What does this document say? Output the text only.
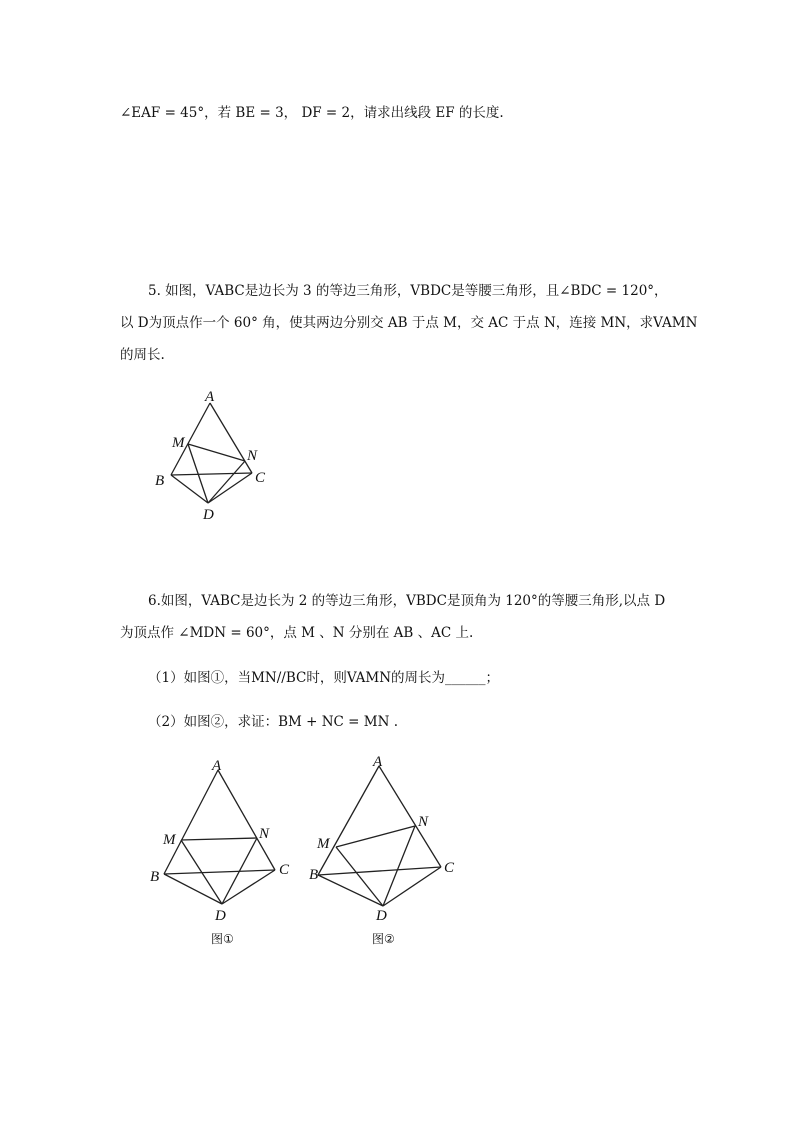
∠EAF = 45°，若 BE = 3， DF = 2，请求出线段 EF 的长度.
5. 如图，VABC是边长为 3 的等边三角形，VBDC是等腰三角形，且∠BDC = 120°，
以 D为顶点作一个 60° 角，使其两边分别交 AB 于点 M，交 AC 于点 N，连接 MN，求VAMN
的周长.
A
M
N
B	C
D
6.如图，VABC是边长为 2 的等边三角形，VBDC是顶角为 120°的等腰三角形,以点 D
为顶点作 ∠MDN = 60°，点 M 、N 分别在 AB 、AC 上.
（1）如图①，当MN//BC时，则VAMN的周长为______；
（2）如图②，求证：BM + NC = MN .
A
M	N
B	C
D
图①
A
M
N
B	C
D
图②
